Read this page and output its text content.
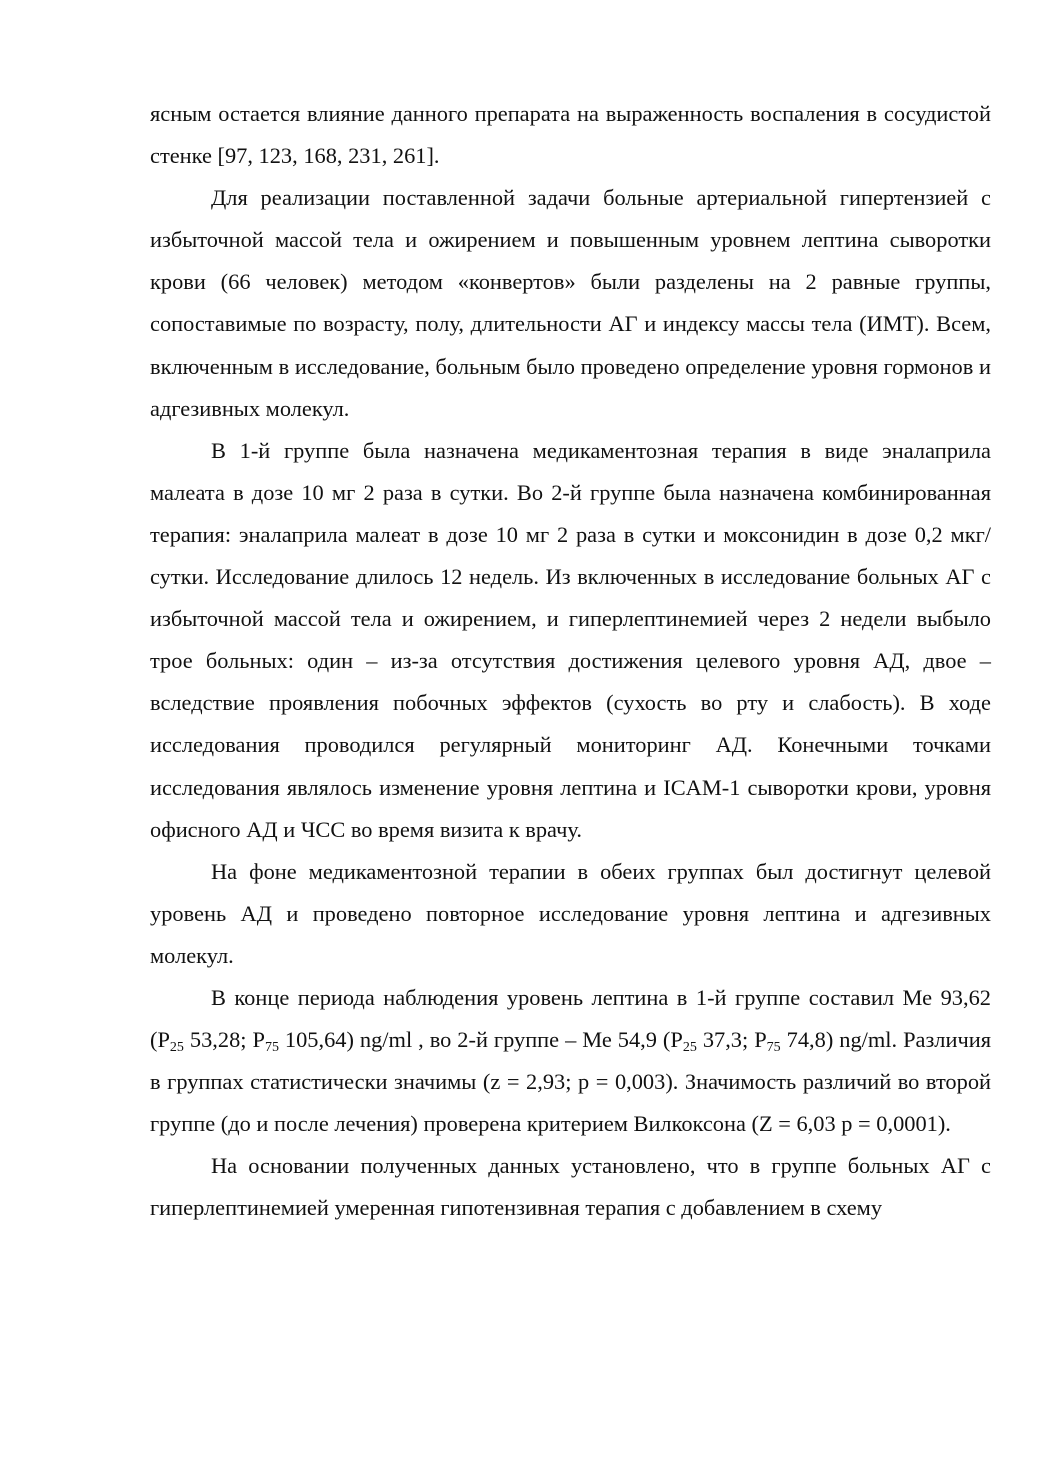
ясным остается влияние данного препарата на выраженность воспаления в сосудистой стенке [97, 123, 168, 231, 261].

Для реализации поставленной задачи больные артериальной гипертензией с избыточной массой тела и ожирением и повышенным уровнем лептина сыворотки крови (66 человек) методом «конвертов» были разделены на 2 равные группы, сопоставимые по возрасту, полу, длительности АГ и индексу массы тела (ИМТ). Всем, включенным в исследование, больным было проведено определение уровня гормонов и адгезивных молекул.

В 1-й группе была назначена медикаментозная терапия в виде эналаприла малеата в дозе 10 мг 2 раза в сутки. Во 2-й группе была назначена комбинированная терапия: эналаприла малеат в дозе 10 мг 2 раза в сутки и моксонидин в дозе 0,2 мкг/сутки. Исследование длилось 12 недель. Из включенных в исследование больных АГ с избыточной массой тела и ожирением, и гиперлептинемией через 2 недели выбыло трое больных: один – из-за отсутствия достижения целевого уровня АД, двое – вследствие проявления побочных эффектов (сухость во рту и слабость). В ходе исследования проводился регулярный мониторинг АД. Конечными точками исследования являлось изменение уровня лептина и ICAM-1 сыворотки крови, уровня офисного АД и ЧСС во время визита к врачу.

На фоне медикаментозной терапии в обеих группах был достигнут целевой уровень АД и проведено повторное исследование уровня лептина и адгезивных молекул.

В конце периода наблюдения уровень лептина в 1-й группе составил Ме 93,62 ($Р_{25}$ 53,28; $Р_{75}$ 105,64) ng/ml , во 2-й группе – Ме 54,9 ($Р_{25}$ 37,3; $Р_{75}$ 74,8) ng/ml. Различия в группах статистически значимы (z = 2,93; p = 0,003). Значимость различий во второй группе (до и после лечения) проверена критерием Вилкоксона (Z = 6,03 p = 0,0001).

На основании полученных данных установлено, что в группе больных АГ с гиперлептинемией умеренная гипотензивная терапия с добавлением в схему
